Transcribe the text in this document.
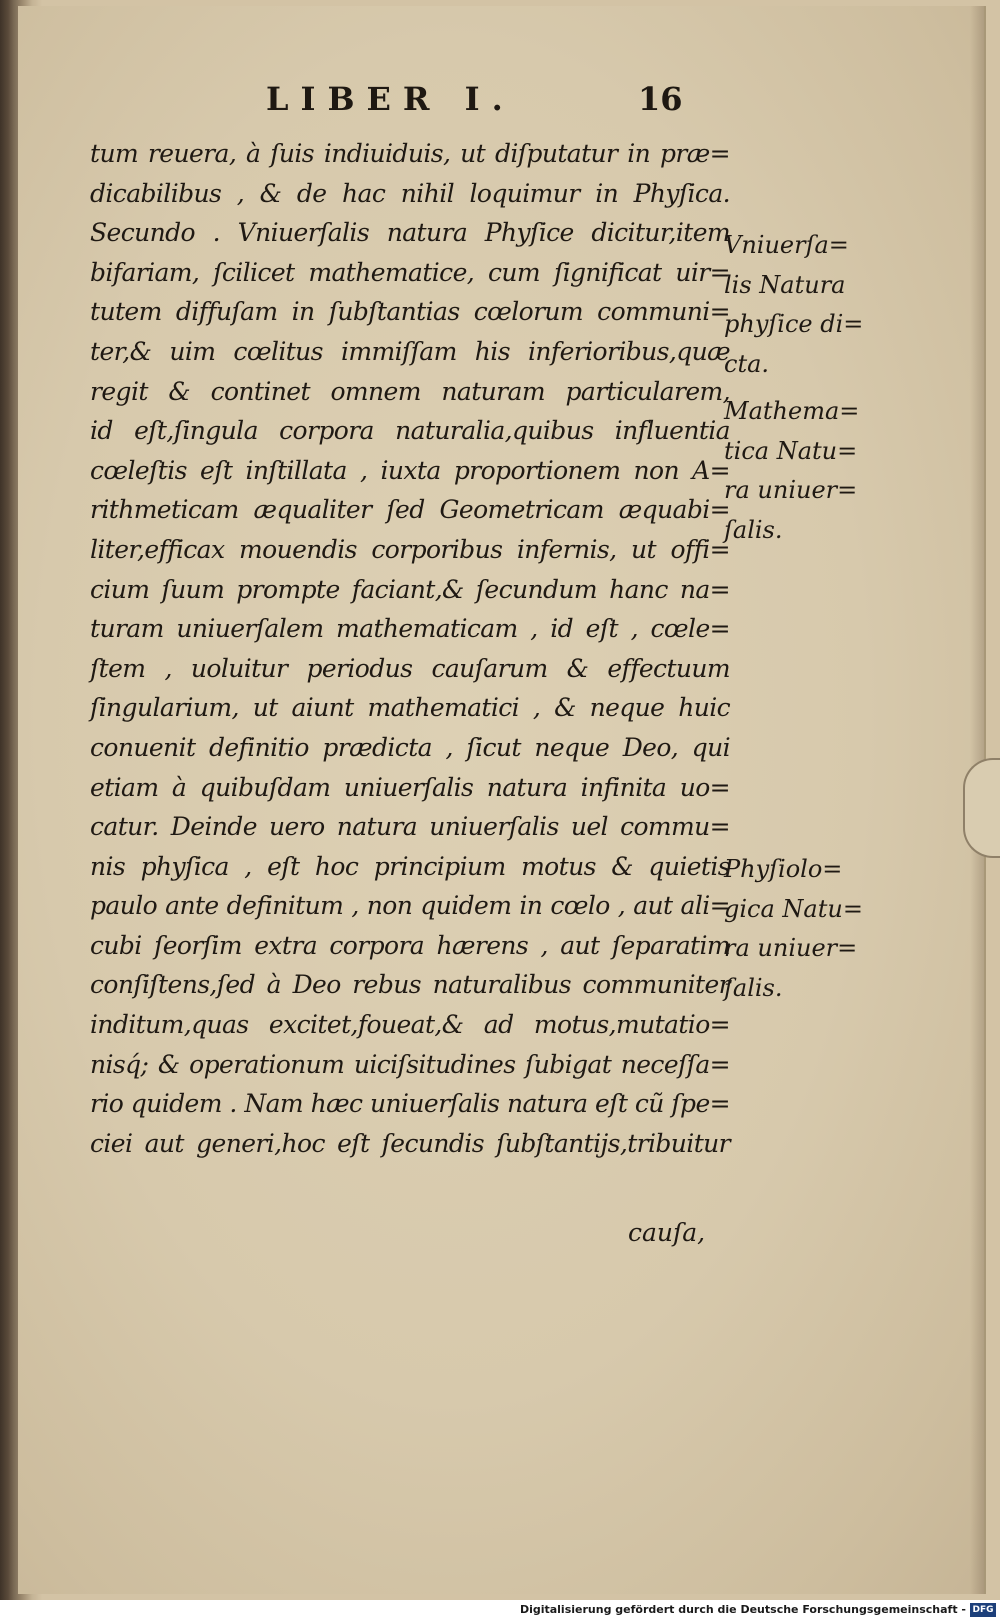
LIBER I.	16
tum reuera, à ſuis indiuiduis, ut diſputatur in præ=
dicabilibus , & de hac nihil loquimur in Phyſica.
Secundo . Vniuerſalis natura Phyſice dicitur,item
bifariam, ſcilicet mathematice, cum ſignificat uir=
tutem diffuſam in ſubſtantias cœlorum communi=
ter,& uim cœlitus immiſſam his inferioribus,quæ
regit & continet omnem naturam particularem,
id eſt,ſingula corpora naturalia,quibus influentia
cœleſtis eſt inſtillata , iuxta proportionem non A=
rithmeticam æqualiter ſed Geometricam æquabi=
liter,efficax mouendis corporibus infernis, ut offi=
cium ſuum prompte faciant,& ſecundum hanc na=
turam uniuerſalem mathematicam , id eſt , cœle=
ſtem , uoluitur periodus cauſarum & effectuum
ſingularium, ut aiunt mathematici , & neque huic
conuenit definitio prædicta , ſicut neque Deo, qui
etiam à quibuſdam uniuerſalis natura infinita uo=
catur. Deinde uero natura uniuerſalis uel commu=
nis phyſica , eſt hoc principium motus & quietis
paulo ante definitum , non quidem in cœlo , aut ali=
cubi ſeorſim extra corpora hærens , aut ſeparatim
conſiſtens,ſed à Deo rebus naturalibus communiter
inditum,quas excitet,foueat,& ad motus,mutatio=
nisq́; & operationum uiciſsitudines ſubigat neceſſa=
rio quidem . Nam hæc uniuerſalis natura eſt cũ ſpe=
ciei aut generi,hoc eſt ſecundis ſubſtantijs,tribuitur
cauſa,
Vniuerſa=
lis Natura
phyſice di=
cta.
Mathema=
tica Natu=
ra uniuer=
ſalis.
Phyſiolo=
gica Natu=
ra uniuer=
ſalis.
Digitalisierung gefördert durch die Deutsche Forschungsgemeinschaft - DFG
